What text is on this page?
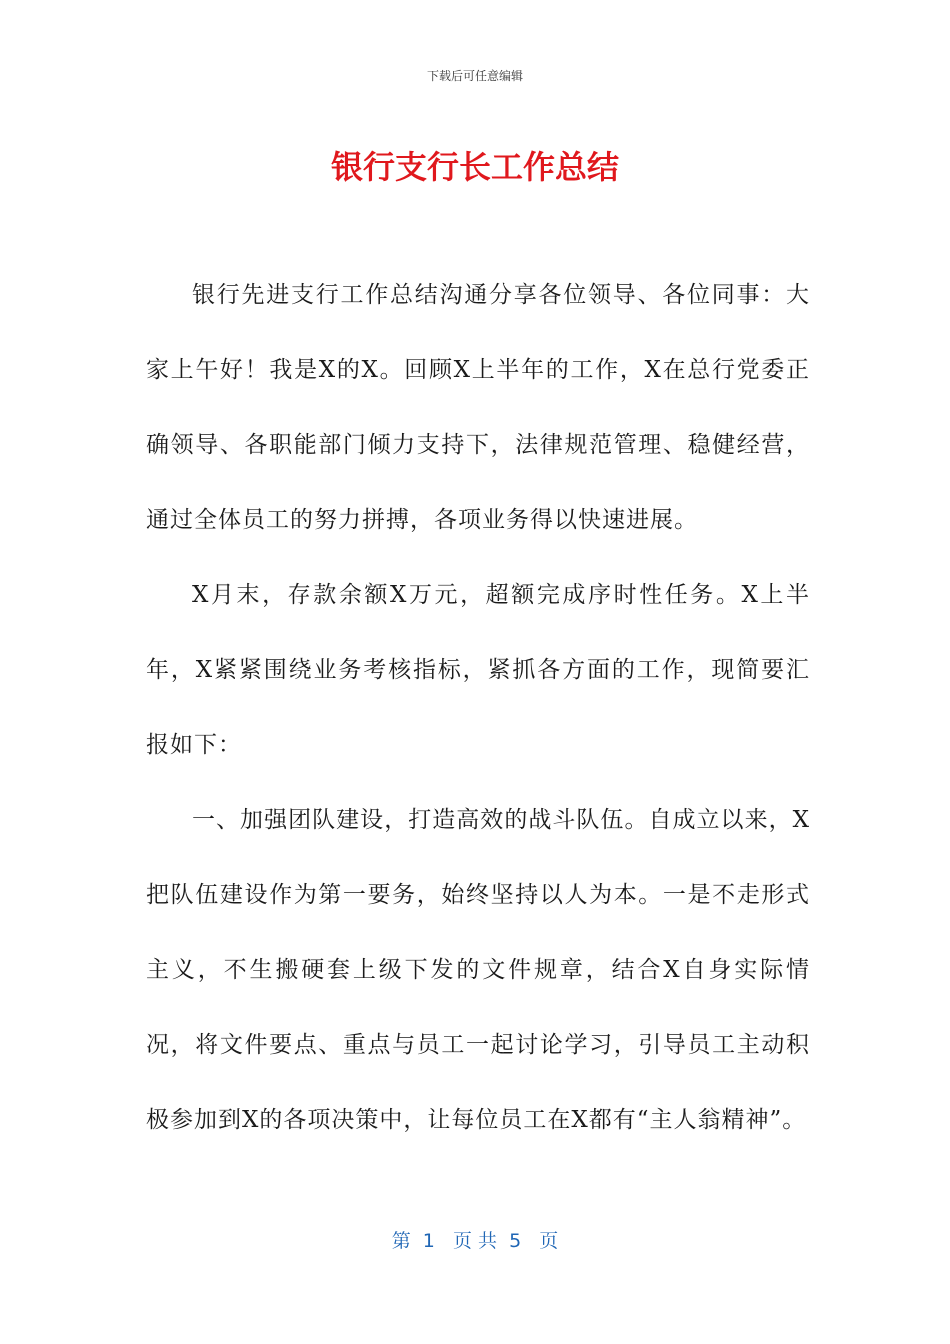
下载后可任意编辑
银行支行长工作总结

银行先进支行工作总结沟通分享各位领导、各位同事：大家上午好！我是X的X。回顾X上半年的工作，X在总行党委正确领导、各职能部门倾力支持下，法律规范管理、稳健经营，通过全体员工的努力拼搏，各项业务得以快速进展。

X月末，存款余额X万元，超额完成序时性任务。X上半年，X紧紧围绕业务考核指标，紧抓各方面的工作，现简要汇报如下：

一、加强团队建设，打造高效的战斗队伍。自成立以来，X把队伍建设作为第一要务，始终坚持以人为本。一是不走形式主义，不生搬硬套上级下发的文件规章，结合X自身实际情况，将文件要点、重点与员工一起讨论学习，引导员工主动积极参加到X的各项决策中，让每位员工在X都有“主人翁精神”。

第  1   页 共  5   页
